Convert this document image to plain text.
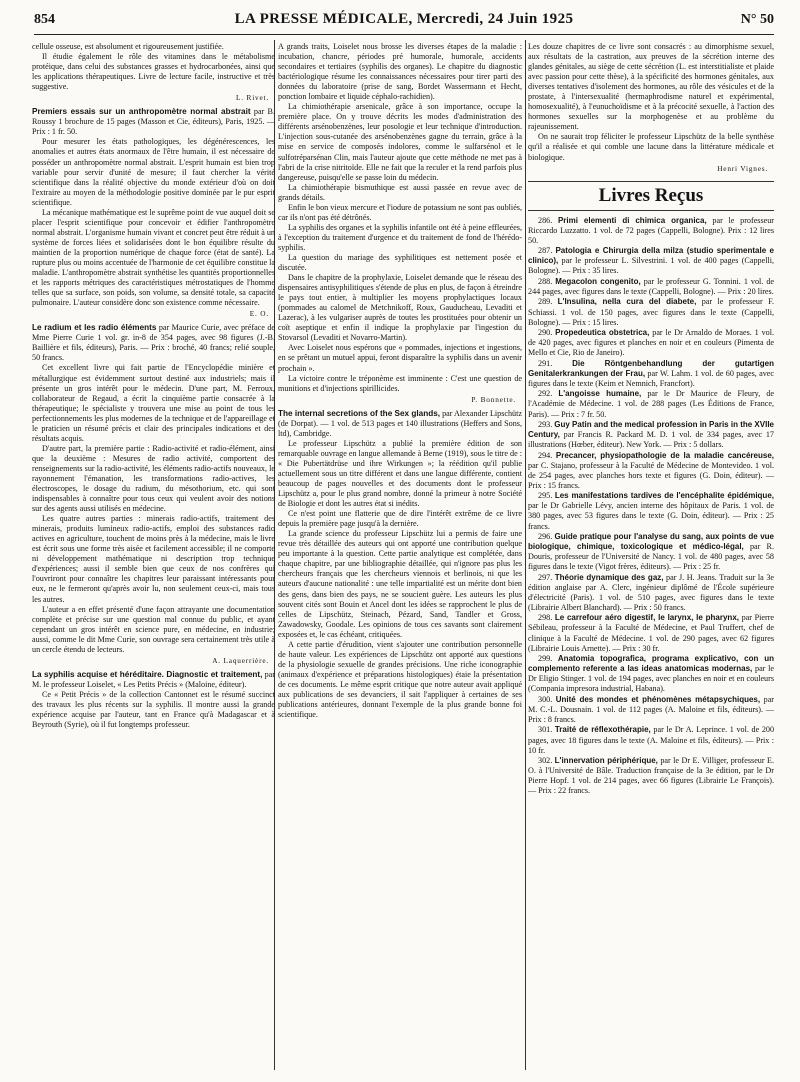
854	LA PRESSE MÉDICALE, Mercredi, 24 Juin 1925	N° 50

cellule osseuse, est absolument et rigoureusement justifiée.

Il étudie également le rôle des vitamines dans le métabolisme protéique, dans celui des substances grasses et hydrocarbonées, ainsi que les applications thérapeutiques. Livre de lecture facile, instructive et très suggestive.

L. Rivet.

Premiers essais sur un anthropomètre normal abstrait par B. Roussy 1 brochure de 15 pages (Masson et Cie, éditeurs), Paris, 1925. — Prix : 1 fr. 50.

Pour mesurer les états pathologiques, les dégénérescences, les anomalies et autres états anormaux de l'être humain, il est nécessaire de posséder un anthropomètre normal abstrait. L'esprit humain est bien trop variable pour servir d'unité de mesure; il faut chercher la vérité scientifique dans la réalité objective du monde extérieur d'où on doit l'extraire au moyen de la méthodologie positive dominée par le pur esprit scientifique.

La mécanique mathématique est le suprême point de vue auquel doit se placer l'esprit scientifique pour concevoir et édifier l'anthropomètre normal abstrait. L'organisme humain vivant et concret peut être réduit à un système de forces liées et solidarisées dont le bon équilibre résulte du maintien de la proportion numérique de chaque force (état de santé). La rupture plus ou moins accentuée de l'harmonie de cet équilibre constitue la maladie. L'anthropomètre abstrait synthétise les quantités proportionnelles et les rapports métriques des caractéristiques métrostatiques de l'homme telles que sa surface, son poids, son volume, sa densité totale, sa capacité pulmonaire. L'auteur considère donc son existence comme nécessaire.

E. O.

Le radium et les radio éléments par Maurice Curie, avec préface de Mme Pierre Curie 1 vol. gr. in-8 de 354 pages, avec 98 figures (J.-B. Baillière et fils, éditeurs), Paris. — Prix : broché, 40 francs; relié souple, 50 francs.

Cet excellent livre qui fait partie de l'Encyclopédie minière et métallurgique est évidemment surtout destiné aux industriels; mais il présente un gros intérêt pour le médecin. D'une part, M. Ferroux, collaborateur de Regaud, a écrit la cinquième partie consacrée à la thérapeutique; le spécialiste y trouvera une mise au point de tous les perfectionnements les plus modernes de la technique et de l'appareillage et le praticien un résumé précis et clair des principales indications et des résultats acquis.

D'autre part, la première partie : Radio-activité et radio-élément, ainsi que la deuxième : Mesures de radio activité, comportent des renseignements sur la radio-activité, les éléments radio-actifs nouveaux, le rayonnement l'émanation, les transformations radio-actives, les électroscopes, le dosage du radium, du mésothorium, etc. qui sont indispensables à connaître pour tous ceux qui veulent avoir des notions sur des agents aussi utilisés en médecine.

Les quatre autres parties : minerais radio-actifs, traitement des minerais, produits lumineux radio-actifs, emploi des substances radio actives en agriculture, touchent de moins près à la médecine, mais le livre est écrit sous une forme très aisée et facilement accessible; il ne comporte ni développement mathématique ni description trop technique d'expériences; aussi il semble bien que ceux de nos confrères qui l'ouvriront pour connaître les chapitres leur paraissant intéressants pour eux, ne le fermeront qu'après avoir lu, non seulement ceux-ci, mais tous les autres.

L'auteur a en effet présenté d'une façon attrayante une documentation complète et précise sur une question mal connue du public, et ayant cependant un gros intérêt en science pure, en médecine, en industrie; aussi, comme le dit Mme Curie, son ouvrage sera certainement très utile à un cercle étendu de lecteurs.

A. Laquerrière.

La syphilis acquise et héréditaire. Diagnostic et traitement, par M. le professeur Loiselet, « Les Petits Précis » (Maloine, éditeur).

Ce « Petit Précis » de la collection Cantonnet est le résumé succinct des travaux les plus récents sur la syphilis. Il montre aussi la grande expérience acquise par l'auteur, tant en France qu'à Madagascar et à Beyrouth (Syrie), où il fut longtemps professeur.

A grands traits, Loiselet nous brosse les diverses étapes de la maladie : incubation, chancre, périodes pré humorale, humorale, accidents secondaires et tertiaires (syphilis des organes). Le chapitre du diagnostic bactériologique résume les connaissances nécessaires pour tirer parti des données du laboratoire (prise de sang, Bordet Wassermann et Hecht, ponction lombaire et liquide céphalo-rachidien).

La chimiothérapie arsenicale, grâce à son importance, occupe la première place. On y trouve décrits les modes d'administration des différents arsénobenzènes, leur posologie et leur technique d'introduction. L'injection sous-cutanée des arsénobenzènes gagne du terrain, grâce à la mise en service de composés indolores, comme le sulfarsénol et le sulfotréparsénan Clin, mais l'auteur ajoute que cette méthode ne met pas à l'abri de la crise nitritoïde. Elle ne fait que la reculer et la rend parfois plus dangereuse, puisqu'elle se passe loin du médecin.

La chimiothérapie bismuthique est aussi passée en revue avec de grands détails.

Enfin le bon vieux mercure et l'iodure de potassium ne sont pas oubliés, car ils n'ont pas été détrônés.

La syphilis des organes et la syphilis infantile ont été à peine effleurées, à l'exception du traitement d'urgence et du traitement de fond de l'hérédo-syphilis.

La question du mariage des syphilitiques est nettement posée et discutée.

Dans le chapitre de la prophylaxie, Loiselet demande que le réseau des dispensaires antisyphilitiques s'étende de plus en plus, de façon à étreindre le pays tout entier, à multiplier les moyens prophylactiques locaux (pommades au calomel de Metchnikoff, Roux, Gauducheau, Levaditi et Lazerac), à les vulgariser auprès de toutes les prostituées pour obtenir un coït aseptique et enfin il indique la prophylaxie par l'ingestion du Stovarsol (Levaditi et Novarro-Martin).

Avec Loiselet nous espérons que « pommades, injections et ingestions, en se prêtant un mutuel appui, feront disparaître la syphilis dans un avenir prochain ».

La victoire contre le tréponème est imminente : C'est une question de munitions et d'injections spirillicides.

P. Bonnette.

The internal secretions of the Sex glands, par Alexander Lipschütz (de Dorpat). — 1 vol. de 513 pages et 140 illustrations (Heffers and Sons, ltd), Cambridge.

Le professeur Lipschütz a publié la première édition de son remarquable ouvrage en langue allemande à Berne (1919), sous le titre de : « Die Pubertätdrüse und ihre Wirkungen »; la réédition qu'il publie actuellement sous un titre différent et dans une langue différente, contient beaucoup de pages nouvelles et des documents dont le professeur Lipschütz a, pour le plus grand nombre, donné la primeur à notre Société de Biologie et dont les autres état si inédits.

Ce n'est point une flatterie que de dire l'intérêt extrême de ce livre depuis la première page jusqu'à la dernière.

La grande science du professeur Lipschütz lui a permis de faire une revue très détaillée des auteurs qui ont apporté une contribution quelque peu importante à la question. Cette partie analytique est complétée, dans chaque chapitre, par une bibliographie détaillée, qui n'ignore pas plus les chercheurs français que les chercheurs viennois et berlinois, ni que les auteurs d'aucune nationalité : une telle impartialité est un mérite dont bien des gens, dans bien des pays, ne se soucient guère. Les auteurs les plus souvent cités sont Bouin et Ancel dont les idées se rapprochent le plus de celles de Lipschütz, Steinach, Pézard, Sand, Tandler et Gross, Zawadowsky, Goodale. Les opinions de tous ces savants sont clairement exposées et, le cas échéant, critiquées.

A cette partie d'érudition, vient s'ajouter une contribution personnelle de haute valeur. Les expériences de Lipschütz ont apporté aux questions de la physiologie sexuelle de grandes précisions. Une riche iconographie (animaux d'expérience et préparations histologiques) étaie la présentation de ces documents. Le même esprit critique que notre auteur avait appliqué aux publications de ses devanciers, il sait l'appliquer à certaines de ses publications antérieures, donnant l'exemple de la plus grande bonne foi scientifique.

Les douze chapitres de ce livre sont consacrés : au dimorphisme sexuel, aux résultats de la castration, aux preuves de la sécrétion interne des glandes génitales, au siège de cette sécrétion (L. est interstitialiste et plaide avec passion pour cette thèse), à la spécificité des hormones génitales, aux diverses tentatives d'isolement des hormones, au rôle des vésicules et de la prostate, à l'intersexualité (hermaphrodisme naturel et expérimental, homosexualité), à l'eunuchoïdisme et à la précocité sexuelle, à l'action des hormones sexuelles sur la morphogenèse et au problème du rajeunissement.

On ne saurait trop féliciter le professeur Lipschütz de la belle synthèse qu'il a réalisée et qui comble une lacune dans la littérature médicale et biologique.

Henri Vignes.
Livres Reçus

286. Primi elementi di chimica organica, par le professeur Riccardo Luzzatto. 1 vol. de 72 pages (Cappelli, Bologne). Prix : 12 lires 50.

287. Patologia e Chirurgia della milza (studio sperimentale e clinico), par le professeur L. Silvestrini. 1 vol. de 400 pages (Cappelli, Bologne). — Prix : 35 lires.

288. Megacolon congenito, par le professeur G. Tonnini. 1 vol. de 244 pages, avec figures dans le texte (Cappelli, Bologne). — Prix : 20 lires.

289. L'Insulina, nella cura del diabete, par le professeur F. Schiassi. 1 vol. de 150 pages, avec figures dans le texte (Cappelli, Bologne). — Prix : 15 lires.

290. Propedeutica obstetrica, par le Dr Arnaldo de Moraes. 1 vol. de 420 pages, avec figures et planches en noir et en couleurs (Pimenta de Mello et Cie, Rio de Janeiro).

291. Die Röntgenbehandlung der gutartigen Genitalerkrankungen der Frau, par W. Lahm. 1 vol. de 60 pages, avec figures dans le texte (Keim et Nemnich, Francfort).

292. L'angoisse humaine, par le Dr Maurice de Fleury, de l'Académie de Médecine. 1 vol. de 288 pages (Les Éditions de France, Paris). — Prix : 7 fr. 50.

293. Guy Patin and the medical profession in Paris in the XVIIe Century, par Francis R. Packard M. D. 1 vol. de 334 pages, avec 17 illustrations (Hœber, éditeur). New York. — Prix : 5 dollars.

294. Precancer, physiopathologie de la maladie cancéreuse, par C. Stajano, professeur à la Faculté de Médecine de Montevideo. 1 vol. de 254 pages, avec planches hors texte et figures (G. Doin, éditeur). — Prix : 15 francs.

295. Les manifestations tardives de l'encéphalite épidémique, par le Dr Gabrielle Lévy, ancien interne des hôpitaux de Paris. 1 vol. de 380 pages, avec 53 figures dans le texte (G. Doin, éditeur). — Prix : 25 francs.

296. Guide pratique pour l'analyse du sang, aux points de vue biologique, chimique, toxicologique et médico-légal, par R. Douris, professeur de l'Université de Nancy. 1 vol. de 480 pages, avec 58 figures dans le texte (Vigot frères, éditeurs). — Prix : 25 fr.

297. Théorie dynamique des gaz, par J. H. Jeans. Traduit sur la 3e édition anglaise par A. Clerc, ingénieur diplômé de l'École supérieure d'électricité (Paris). 1 vol. de 510 pages, avec figures dans le texte (Librairie Albert Blanchard). — Prix : 50 francs.

298. Le carrefour aéro digestif, le larynx, le pharynx, par Pierre Sébileau, professeur à la Faculté de Médecine, et Paul Truffert, chef de clinique à la Faculté de Médecine. 1 vol. de 290 pages, avec 62 figures (Librairie Louis Arnette). — Prix : 30 fr.

299. Anatomia topografica, programa explicativo, con un complemento referente a las ideas anatomicas modernas, par le Dr Eligio Stinger. 1 vol. de 194 pages, avec planches en noir et en couleurs (Compania impresora industrial, Habana).

300. Unité des mondes et phénomènes métapsychiques, par M. C.-L. Dousnain. 1 vol. de 112 pages (A. Maloine et fils, éditeurs). — Prix : 8 francs.

301. Traité de réflexothérapie, par le Dr A. Leprince. 1 vol. de 200 pages, avec 18 figures dans le texte (A. Maloine et fils, éditeurs). — Prix : 10 fr.

302. L'innervation périphérique, par le Dr E. Villiger, professeur E. O. à l'Université de Bâle. Traduction française de la 3e édition, par le Dr Pierre Hopf. 1 vol. de 214 pages, avec 66 figures (Librairie Le François). — Prix : 22 francs.
